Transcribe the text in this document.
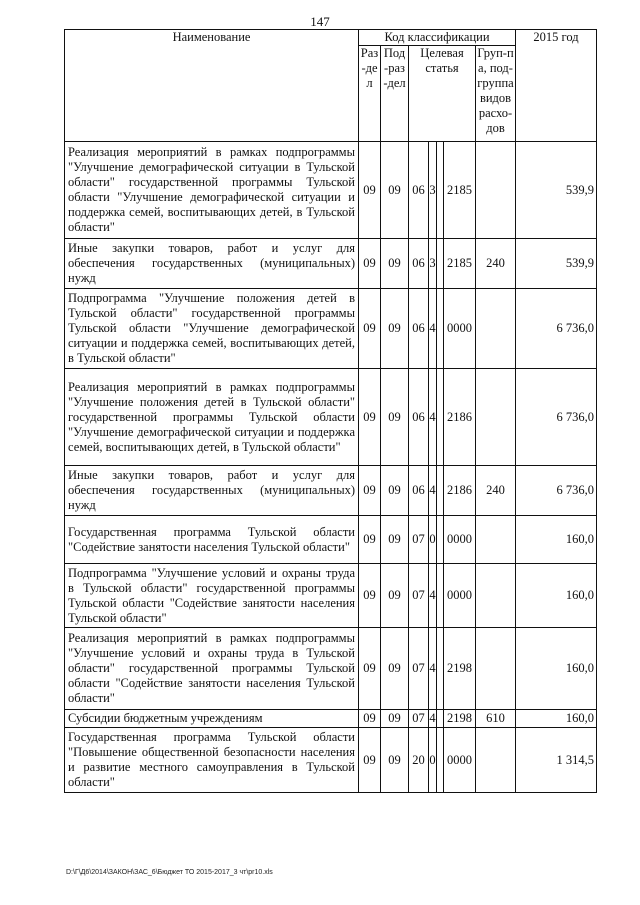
147
Наименование	Код классификации							2015 год
	Раз-дел	Под-раз-дел	Целевая статья				Груп-па, под-группа видов расхо-дов	
Реализация мероприятий в рамках подпрограммы "Улучшение демографической ситуации в Тульской области" государственной программы Тульской области "Улучшение демографической ситуации и поддержка семей, воспитывающих детей, в Тульской области"	09	09	06	3		2185		539,9
Иные закупки товаров, работ и услуг для обеспечения государственных (муниципальных) нужд	09	09	06	3		2185	240	539,9
Подпрограмма "Улучшение положения детей в Тульской области" государственной программы Тульской области "Улучшение демографической ситуации и поддержка семей, воспитывающих детей, в Тульской области"	09	09	06	4		0000		6 736,0
Реализация мероприятий в рамках подпрограммы "Улучшение положения детей в Тульской области" государственной программы Тульской области "Улучшение демографической ситуации и поддержка семей, воспитывающих детей, в Тульской области"	09	09	06	4		2186		6 736,0
Иные закупки товаров, работ и услуг для обеспечения государственных (муниципальных) нужд	09	09	06	4		2186	240	6 736,0
Государственная программа Тульской области "Содействие занятости населения Тульской области"	09	09	07	0		0000		160,0
Подпрограмма "Улучшение условий и охраны труда в Тульской области" государственной программы Тульской области "Содействие занятости населения Тульской области"	09	09	07	4		0000		160,0
Реализация мероприятий в рамках подпрограммы "Улучшение условий и охраны труда в Тульской области" государственной программы Тульской области "Содействие занятости населения Тульской области"	09	09	07	4		2198		160,0
Субсидии бюджетным учреждениям	09	09	07	4		2198	610	160,0
Государственная программа Тульской области "Повышение общественной безопасности населения и развитие местного самоуправления в Тульской области"	09	09	20	0		0000		1 314,5
D:\Г\Д6\2014\ЗАКОН\ЗАС_6\Бюджет ТО 2015-2017_3 чт\pr10.xls
